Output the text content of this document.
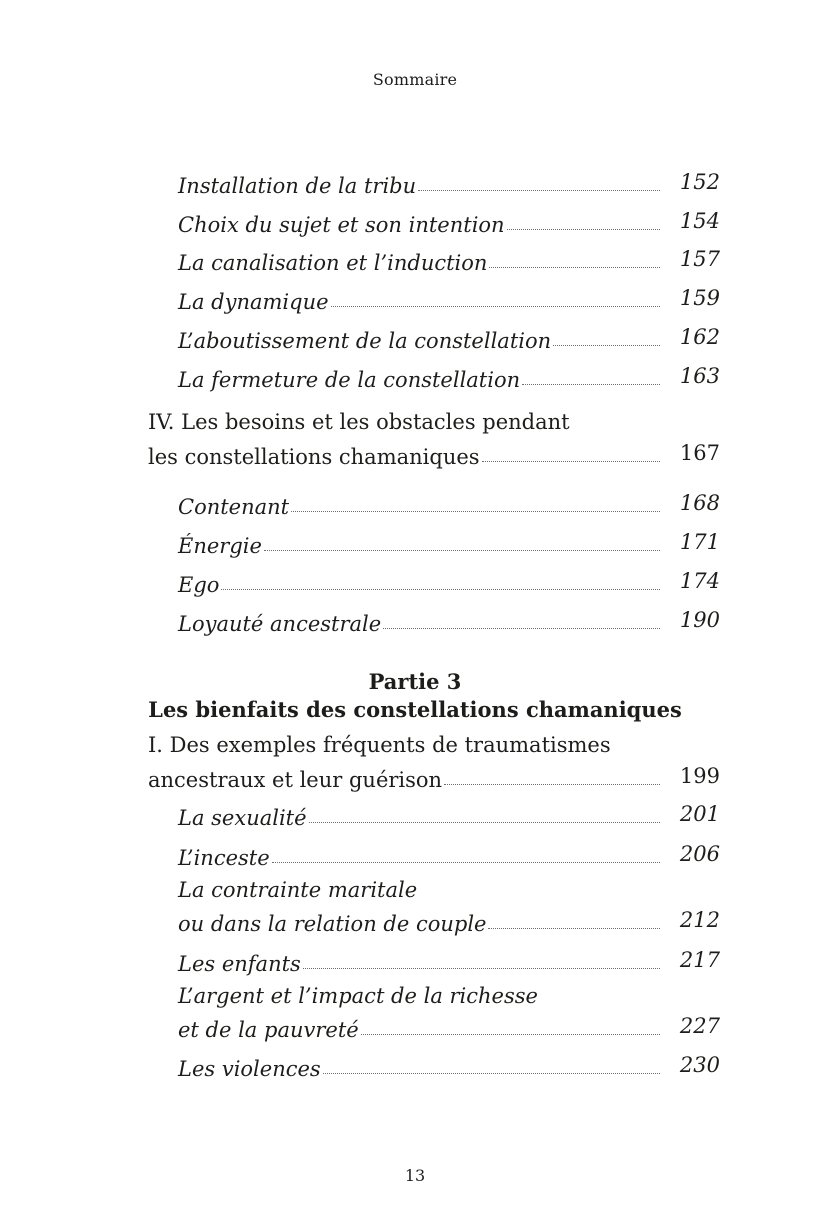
Sommaire
Installation de la tribu	152
Choix du sujet et son intention	154
La canalisation et l’induction	157
La dynamique	159
L’aboutissement de la constellation	162
La fermeture de la constellation	163
IV. Les besoins et les obstacles pendant
les constellations chamaniques	167
Contenant	168
Énergie	171
Ego	174
Loyauté ancestrale	190
Partie 3
Les bienfaits des constellations chamaniques
I. Des exemples fréquents de traumatismes
ancestraux et leur guérison	199
La sexualité	201
L’inceste	206
La contrainte maritale
ou dans la relation de couple	212
Les enfants	217
L’argent et l’impact de la richesse
et de la pauvreté	227
Les violences	230
13
